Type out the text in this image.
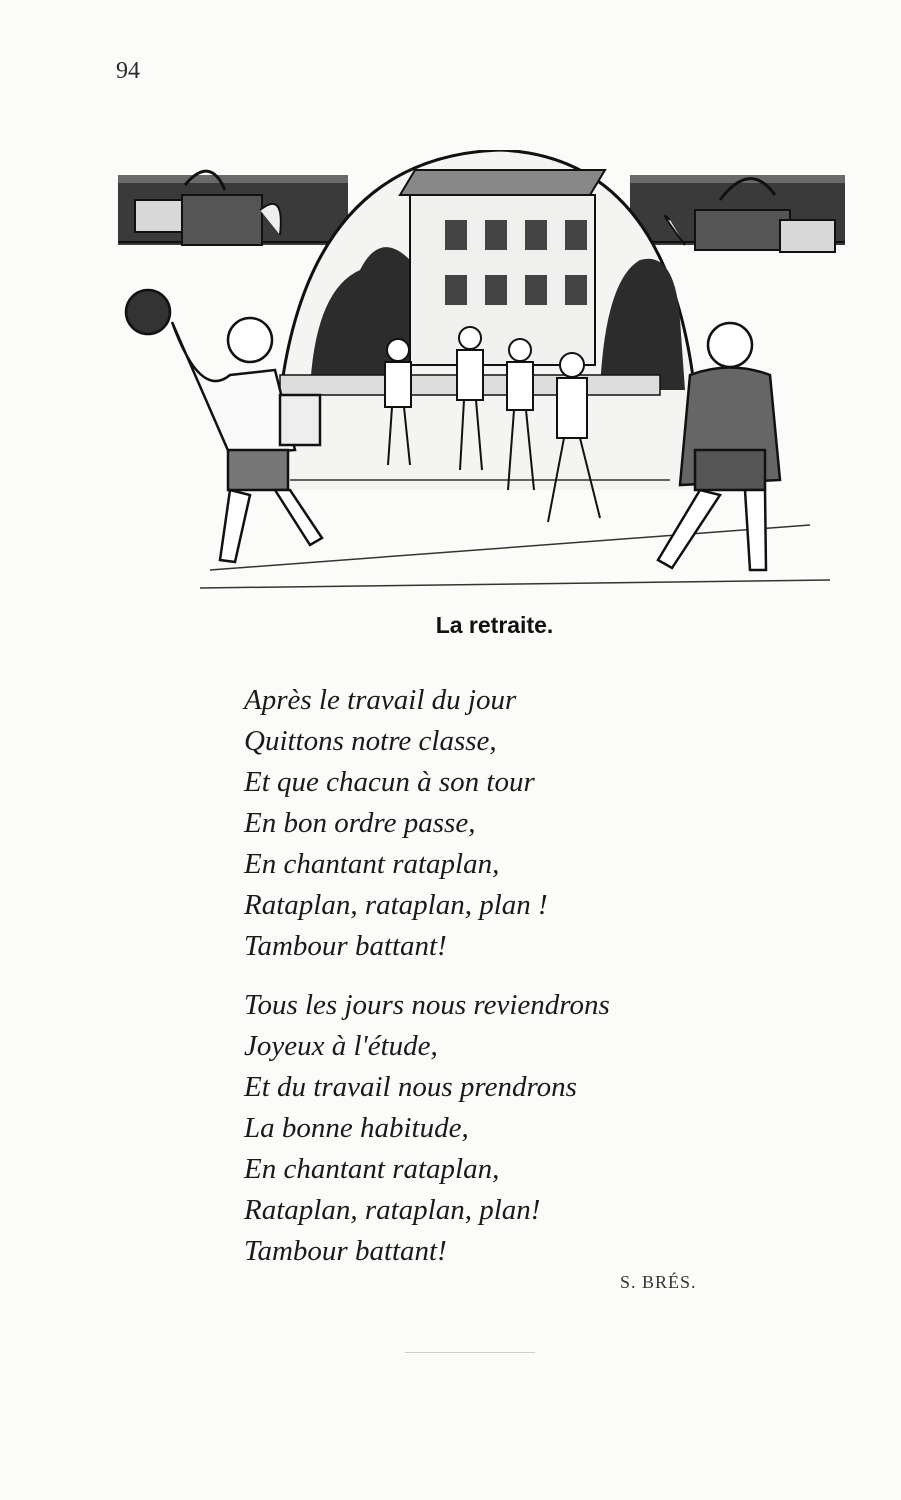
94
La retraite.
Après le travail du jour
Quittons notre classe,
Et que chacun à son tour
En bon ordre passe,
En chantant rataplan,
Rataplan, rataplan, plan !
Tambour battant!
Tous les jours nous reviendrons
Joyeux à l'étude,
Et du travail nous prendrons
La bonne habitude,
En chantant rataplan,
Rataplan, rataplan, plan!
Tambour battant!
S. BRÉS.
